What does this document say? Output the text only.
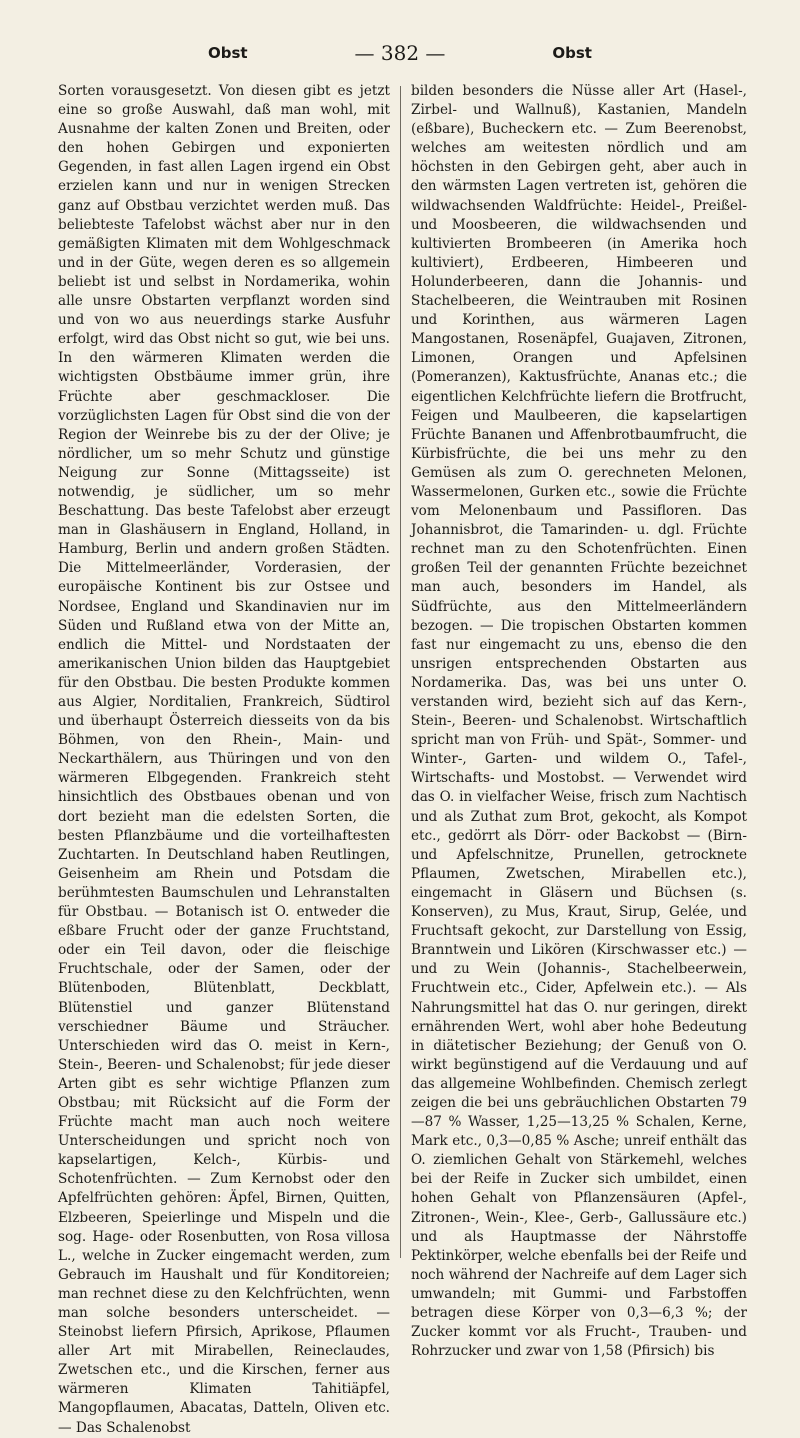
Obst	— 382 —	Obst

Sorten vorausgesetzt. Von diesen gibt es jetzt eine so große Auswahl, daß man wohl, mit Ausnahme der kalten Zonen und Breiten, oder den hohen Gebirgen und exponierten Gegenden, in fast allen Lagen irgend ein Obst erzielen kann und nur in wenigen Strecken ganz auf Obstbau verzichtet werden muß. Das beliebteste Tafelobst wächst aber nur in den gemäßigten Klimaten mit dem Wohlgeschmack und in der Güte, wegen deren es so allgemein beliebt ist und selbst in Nordamerika, wohin alle unsre Obstarten verpflanzt worden sind und von wo aus neuerdings starke Ausfuhr erfolgt, wird das Obst nicht so gut, wie bei uns. In den wärmeren Klimaten werden die wichtigsten Obstbäume immer grün, ihre Früchte aber geschmackloser. Die vorzüglichsten Lagen für Obst sind die von der Region der Weinrebe bis zu der der Olive; je nördlicher, um so mehr Schutz und günstige Neigung zur Sonne (Mittagsseite) ist notwendig, je südlicher, um so mehr Beschattung. Das beste Tafelobst aber erzeugt man in Glashäusern in England, Holland, in Hamburg, Berlin und andern großen Städten. Die Mittelmeerländer, Vorderasien, der europäische Kontinent bis zur Ostsee und Nordsee, England und Skandinavien nur im Süden und Rußland etwa von der Mitte an, endlich die Mittel- und Nordstaaten der amerikanischen Union bilden das Hauptgebiet für den Obstbau. Die besten Produkte kommen aus Algier, Norditalien, Frankreich, Südtirol und überhaupt Österreich diesseits von da bis Böhmen, von den Rhein-, Main- und Neckarthälern, aus Thüringen und von den wärmeren Elbgegenden. Frankreich steht hinsichtlich des Obstbaues obenan und von dort bezieht man die edelsten Sorten, die besten Pflanzbäume und die vorteilhaftesten Zuchtarten. In Deutschland haben Reutlingen, Geisenheim am Rhein und Potsdam die berühmtesten Baumschulen und Lehranstalten für Obstbau. — Botanisch ist O. entweder die eßbare Frucht oder der ganze Fruchtstand, oder ein Teil davon, oder die fleischige Fruchtschale, oder der Samen, oder der Blütenboden, Blütenblatt, Deckblatt, Blütenstiel und ganzer Blütenstand verschiedner Bäume und Sträucher. Unterschieden wird das O. meist in Kern-, Stein-, Beeren- und Schalenobst; für jede dieser Arten gibt es sehr wichtige Pflanzen zum Obstbau; mit Rücksicht auf die Form der Früchte macht man auch noch weitere Unterscheidungen und spricht noch von kapselartigen, Kelch-, Kürbis- und Schotenfrüchten. — Zum Kernobst oder den Apfelfrüchten gehören: Äpfel, Birnen, Quitten, Elzbeeren, Speierlinge und Mispeln und die sog. Hage- oder Rosenbutten, von Rosa villosa L., welche in Zucker eingemacht werden, zum Gebrauch im Haushalt und für Konditoreien; man rechnet diese zu den Kelchfrüchten, wenn man solche besonders unterscheidet. — Steinobst liefern Pfirsich, Aprikose, Pflaumen aller Art mit Mirabellen, Reineclaudes, Zwetschen etc., und die Kirschen, ferner aus wärmeren Klimaten Tahitiäpfel, Mangopflaumen, Abacatas, Datteln, Oliven etc. — Das Schalenobst

bilden besonders die Nüsse aller Art (Hasel-, Zirbel- und Wallnuß), Kastanien, Mandeln (eßbare), Bucheckern etc. — Zum Beerenobst, welches am weitesten nördlich und am höchsten in den Gebirgen geht, aber auch in den wärmsten Lagen vertreten ist, gehören die wildwachsenden Waldfrüchte: Heidel-, Preißel- und Moosbeeren, die wildwachsenden und kultivierten Brombeeren (in Amerika hoch kultiviert), Erdbeeren, Himbeeren und Holunderbeeren, dann die Johannis- und Stachelbeeren, die Weintrauben mit Rosinen und Korinthen, aus wärmeren Lagen Mangostanen, Rosenäpfel, Guajaven, Zitronen, Limonen, Orangen und Apfelsinen (Pomeranzen), Kaktusfrüchte, Ananas etc.; die eigentlichen Kelchfrüchte liefern die Brotfrucht, Feigen und Maulbeeren, die kapselartigen Früchte Bananen und Affenbrotbaumfrucht, die Kürbisfrüchte, die bei uns mehr zu den Gemüsen als zum O. gerechneten Melonen, Wassermelonen, Gurken etc., sowie die Früchte vom Melonenbaum und Passifloren. Das Johannisbrot, die Tamarinden- u. dgl. Früchte rechnet man zu den Schotenfrüchten. Einen großen Teil der genannten Früchte bezeichnet man auch, besonders im Handel, als Südfrüchte, aus den Mittelmeerländern bezogen. — Die tropischen Obstarten kommen fast nur eingemacht zu uns, ebenso die den unsrigen entsprechenden Obstarten aus Nordamerika. Das, was bei uns unter O. verstanden wird, bezieht sich auf das Kern-, Stein-, Beeren- und Schalenobst. Wirtschaftlich spricht man von Früh- und Spät-, Sommer- und Winter-, Garten- und wildem O., Tafel-, Wirtschafts- und Mostobst. — Verwendet wird das O. in vielfacher Weise, frisch zum Nachtisch und als Zuthat zum Brot, gekocht, als Kompot etc., gedörrt als Dörr- oder Backobst — (Birn- und Apfelschnitze, Prunellen, getrocknete Pflaumen, Zwetschen, Mirabellen etc.), eingemacht in Gläsern und Büchsen (s. Konserven), zu Mus, Kraut, Sirup, Gelée, und Fruchtsaft gekocht, zur Darstellung von Essig, Branntwein und Likören (Kirschwasser etc.) — und zu Wein (Johannis-, Stachelbeerwein, Fruchtwein etc., Cider, Apfelwein etc.). — Als Nahrungsmittel hat das O. nur geringen, direkt ernährenden Wert, wohl aber hohe Bedeutung in diätetischer Beziehung; der Genuß von O. wirkt begünstigend auf die Verdauung und auf das allgemeine Wohlbefinden. Chemisch zerlegt zeigen die bei uns gebräuchlichen Obstarten 79—87 % Wasser, 1,25—13,25 % Schalen, Kerne, Mark etc., 0,3—0,85 % Asche; unreif enthält das O. ziemlichen Gehalt von Stärkemehl, welches bei der Reife in Zucker sich umbildet, einen hohen Gehalt von Pflanzensäuren (Apfel-, Zitronen-, Wein-, Klee-, Gerb-, Gallussäure etc.) und als Hauptmasse der Nährstoffe Pektinkörper, welche ebenfalls bei der Reife und noch während der Nachreife auf dem Lager sich umwandeln; mit Gummi- und Farbstoffen betragen diese Körper von 0,3—6,3 %; der Zucker kommt vor als Frucht-, Trauben- und Rohrzucker und zwar von 1,58 (Pfirsich) bis
